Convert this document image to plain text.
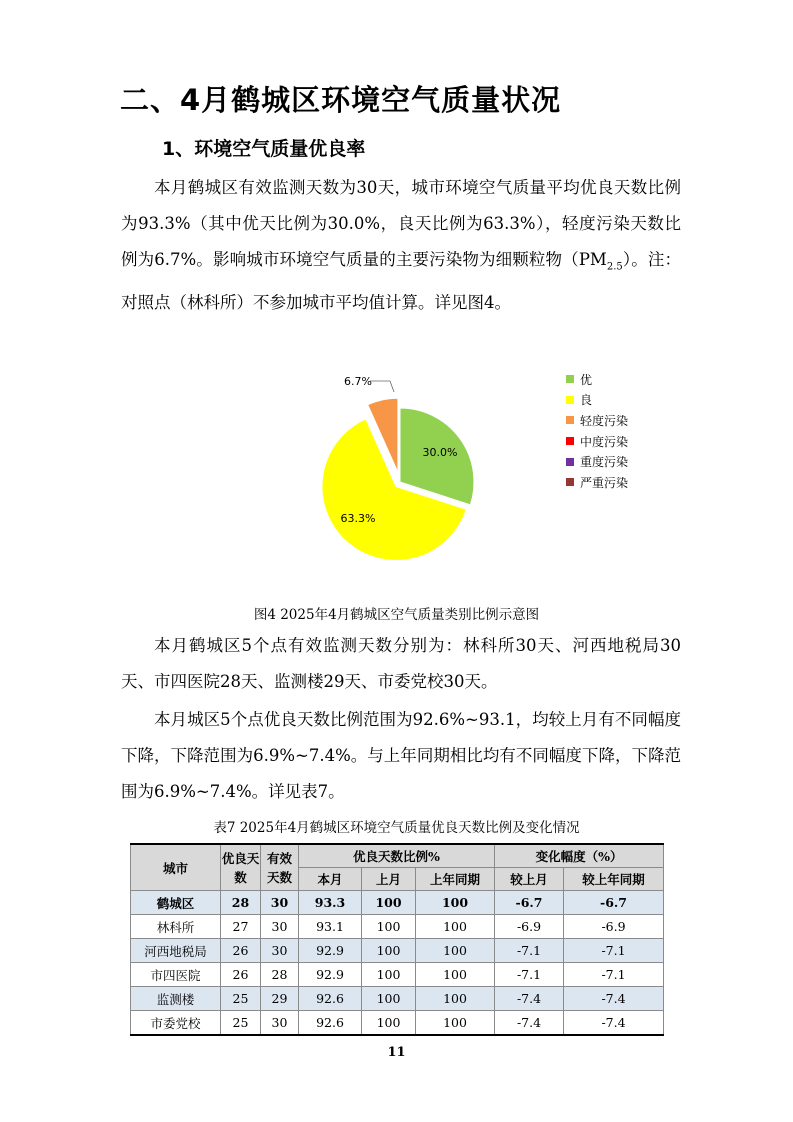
二、4月鹤城区环境空气质量状况
1、环境空气质量优良率
本月鹤城区有效监测天数为30天，城市环境空气质量平均优良天数比例为93.3%（其中优天比例为30.0%，良天比例为63.3%），轻度污染天数比例为6.7%。影响城市环境空气质量的主要污染物为细颗粒物$(PM_{2.5})$。注：对照点（林科所）不参加城市平均值计算。详见图4。
30.0%
63.3%
6.7%	优
良
轻度污染
中度污染
重度污染
严重污染
图4 2025年4月鹤城区空气质量类别比例示意图
本月鹤城区5个点有效监测天数分别为：林科所30天、河西地税局30天、市四医院28天、监测楼29天、市委党校30天。
本月城区5个点优良天数比例范围为92.6%~93.1，均较上月有不同幅度下降，下降范围为6.9%~7.4%。与上年同期相比均有不同幅度下降，下降范围为6.9%~7.4%。详见表7。
表7 2025年4月鹤城区环境空气质量优良天数比例及变化情况
城市	优良天数	有效天数	优良天数比例%			变化幅度（%）	
			本月	上月	上年同期	较上月	较上年同期
鹤城区	28	30	93.3	100	100	-6.7	-6.7
林科所	27	30	93.1	100	100	-6.9	-6.9
河西地税局	26	30	92.9	100	100	-7.1	-7.1
市四医院	26	28	92.9	100	100	-7.1	-7.1
监测楼	25	29	92.6	100	100	-7.4	-7.4
市委党校	25	30	92.6	100	100	-7.4	-7.4
11
